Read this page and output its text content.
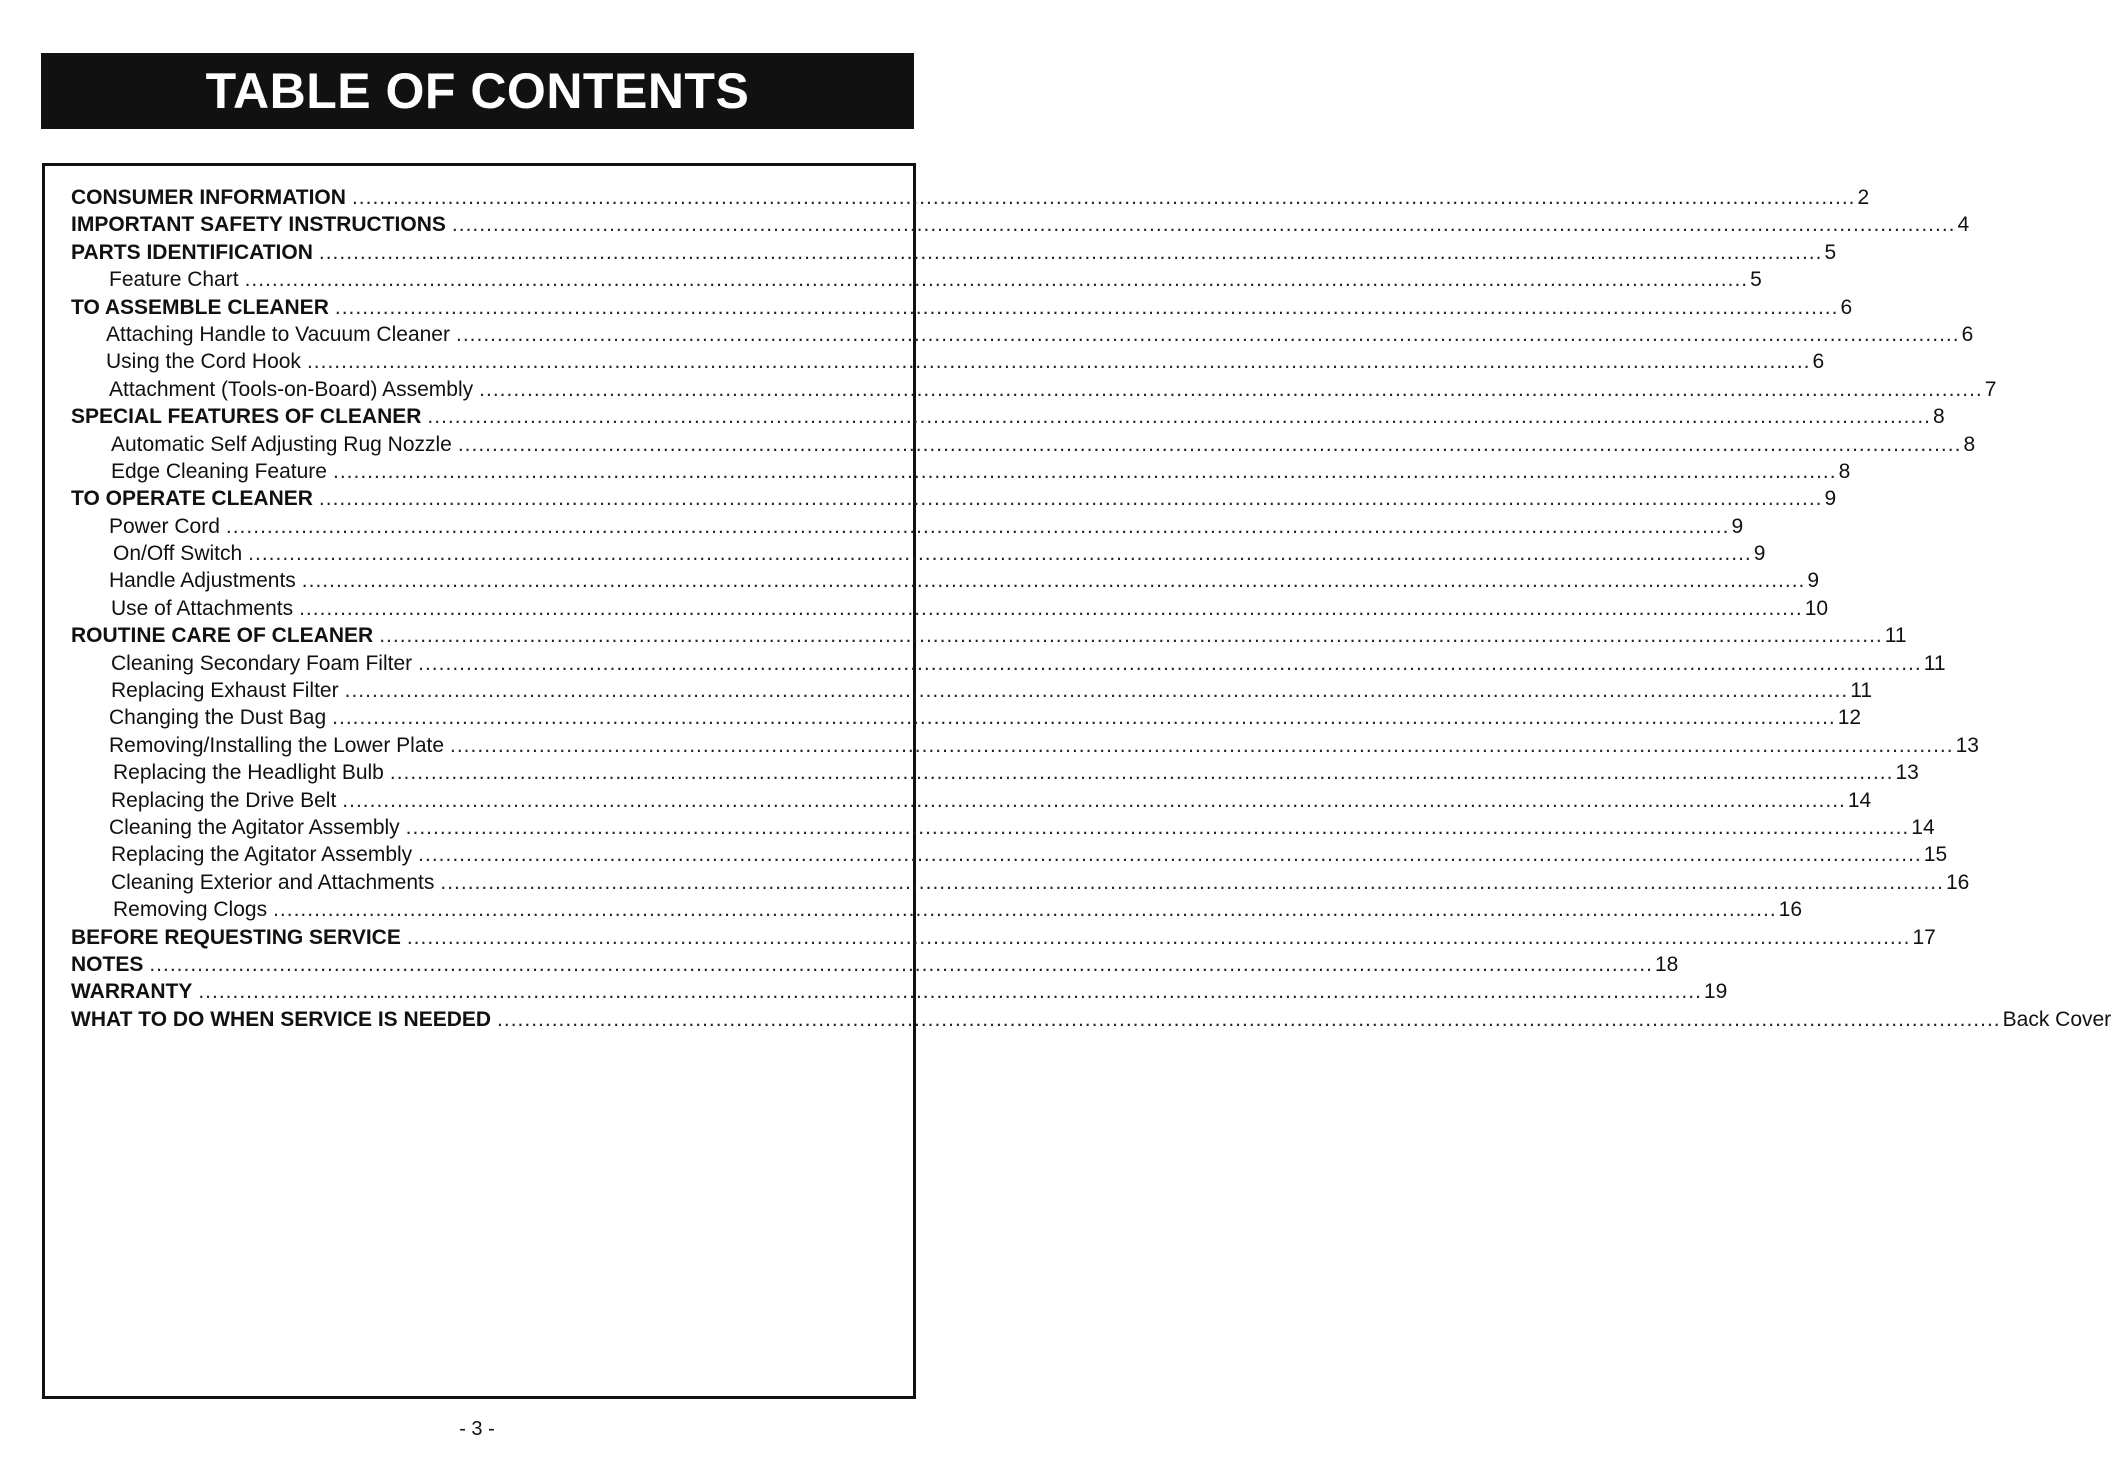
TABLE OF CONTENTS
CONSUMER INFORMATION ............................................................................................................................................................................................................................ 2
IMPORTANT SAFETY INSTRUCTIONS ............................................................................................................................................................................................................................ 4
PARTS IDENTIFICATION ............................................................................................................................................................................................................................ 5
Feature Chart ............................................................................................................................................................................................................................ 5
TO ASSEMBLE CLEANER ............................................................................................................................................................................................................................ 6
Attaching Handle to Vacuum Cleaner ............................................................................................................................................................................................................................ 6
Using the Cord Hook ............................................................................................................................................................................................................................ 6
Attachment (Tools-on-Board) Assembly ............................................................................................................................................................................................................................ 7
SPECIAL FEATURES OF CLEANER ............................................................................................................................................................................................................................ 8
Automatic Self Adjusting Rug Nozzle ............................................................................................................................................................................................................................ 8
Edge Cleaning Feature ............................................................................................................................................................................................................................ 8
TO OPERATE CLEANER ............................................................................................................................................................................................................................ 9
Power Cord ............................................................................................................................................................................................................................ 9
On/Off Switch ............................................................................................................................................................................................................................ 9
Handle Adjustments ............................................................................................................................................................................................................................ 9
Use of Attachments ............................................................................................................................................................................................................................ 10
ROUTINE CARE OF CLEANER ............................................................................................................................................................................................................................ 11
Cleaning Secondary Foam Filter ............................................................................................................................................................................................................................ 11
Replacing Exhaust Filter ............................................................................................................................................................................................................................ 11
Changing the Dust Bag ............................................................................................................................................................................................................................ 12
Removing/Installing the Lower Plate ............................................................................................................................................................................................................................ 13
Replacing the Headlight Bulb ............................................................................................................................................................................................................................ 13
Replacing the Drive Belt ............................................................................................................................................................................................................................ 14
Cleaning the Agitator Assembly ............................................................................................................................................................................................................................ 14
Replacing the Agitator Assembly ............................................................................................................................................................................................................................ 15
Cleaning Exterior and Attachments ............................................................................................................................................................................................................................ 16
Removing Clogs ............................................................................................................................................................................................................................ 16
BEFORE REQUESTING SERVICE ............................................................................................................................................................................................................................ 17
NOTES ............................................................................................................................................................................................................................ 18
WARRANTY ............................................................................................................................................................................................................................ 19
WHAT TO DO WHEN SERVICE IS NEEDED ............................................................................................................................................................................................................................ Back Cover
- 3 -
